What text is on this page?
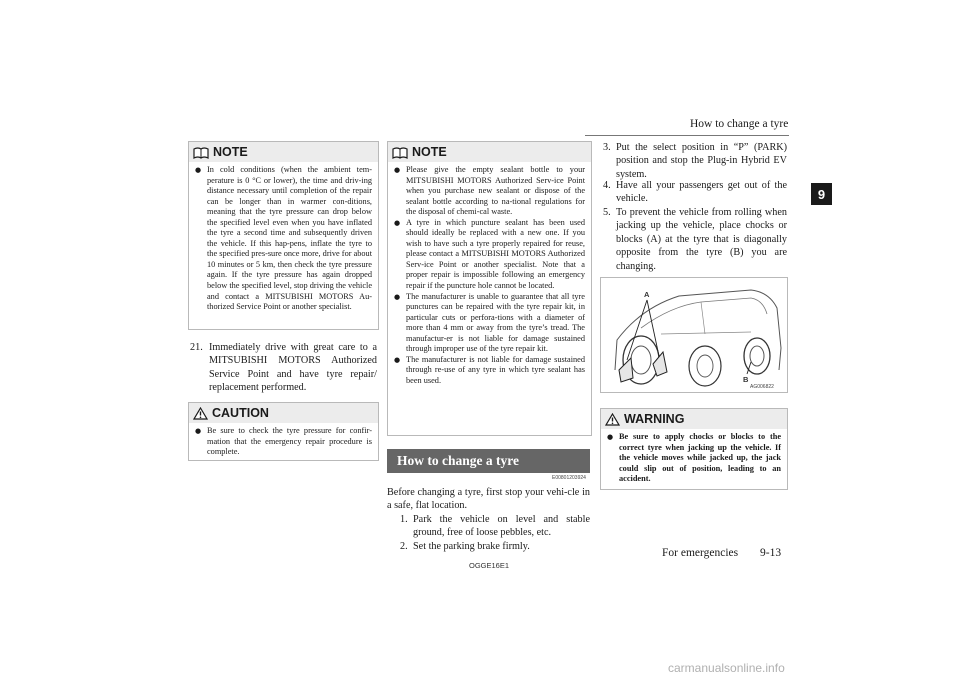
How to change a tyre
9
NOTE
● In cold conditions (when the ambient tem-perature is 0 °C or lower), the time and driv-ing distance necessary until completion of the repair can be longer than in warmer con-ditions, meaning that the tyre pressure can drop below the specified level even when you have inflated the tyre a second time and subsequently driven the vehicle. If this hap-pens, inflate the tyre to the specified pres-sure once more, drive for about 10 minutes or 5 km, then check the tyre pressure again. If the tyre pressure has again dropped below the specified level, stop driving the vehicle and contact a MITSUBISHI MOTORS Au-thorized Service Point or another specialist.
21. Immediately drive with great care to a MITSUBISHI MOTORS Authorized Service Point and have tyre repair/ replacement performed.
CAUTION
● Be sure to check the tyre pressure for confir-mation that the emergency repair procedure is complete.
NOTE
● Please give the empty sealant bottle to your MITSUBISHI MOTORS Authorized Serv-ice Point when you purchase new sealant or dispose of the sealant bottle according to na-tional regulations for the disposal of chemi-cal waste.
● A tyre in which puncture sealant has been used should ideally be replaced with a new one. If you wish to have such a tyre properly repaired for reuse, please contact a MITSUBISHI MOTORS Authorized Serv-ice Point or another specialist. Note that a proper repair is impossible following an emergency repair if the puncture hole cannot be located.
● The manufacturer is unable to guarantee that all tyre punctures can be repaired with the tyre repair kit, in particular cuts or perfora-tions with a diameter of more than 4 mm or away from the tyre’s tread. The manufactur-er is not liable for damage sustained through improper use of the tyre repair kit.
● The manufacturer is not liable for damage sustained through re-use of any tyre in which tyre sealant has been used.
How to change a tyre
E00801203924
Before changing a tyre, first stop your vehi-cle in a safe, flat location.
1. Park the vehicle on level and stable ground, free of loose pebbles, etc.
2. Set the parking brake firmly.
3. Put the select position in “P” (PARK) position and stop the Plug-in Hybrid EV system.
4. Have all your passengers get out of the vehicle.
5. To prevent the vehicle from rolling when jacking up the vehicle, place chocks or blocks (A) at the tyre that is diagonally opposite from the tyre (B) you are changing.
A
B
AG006822
WARNING
● Be sure to apply chocks or blocks to the correct tyre when jacking up the vehicle. If the vehicle moves while jacked up, the jack could slip out of position, leading to an accident.
OGGE16E1
For emergencies 9-13
carmanualsonline.info
